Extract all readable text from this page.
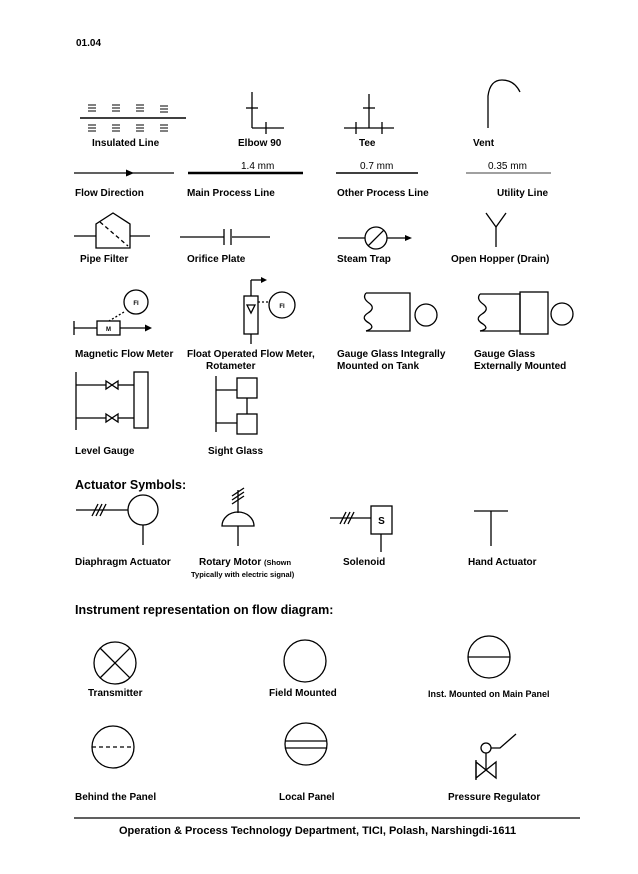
01.04
FI
M
FI
S
Insulated Line	Elbow 90	Tee	Vent
1.4 mm	0.7 mm	0.35 mm
Flow Direction	Main Process Line	Other Process Line	Utility Line
Pipe Filter	Orifice Plate	Steam Trap	Open Hopper (Drain)
Magnetic Flow Meter Float Operated Flow Meter,
Rotameter
Gauge Glass Integrally
Mounted on Tank
Gauge Glass
Externally Mounted
Level Gauge	Sight Glass
Actuator Symbols:
Diaphragm Actuator	Rotary Motor (Shown
Typically with electric signal)
Solenoid	Hand Actuator
Instrument representation on flow diagram:
Transmitter	Field Mounted	Inst. Mounted on Main Panel
Behind the Panel	Local Panel	Pressure Regulator
Operation & Process Technology Department, TICI, Polash, Narshingdi-1611
